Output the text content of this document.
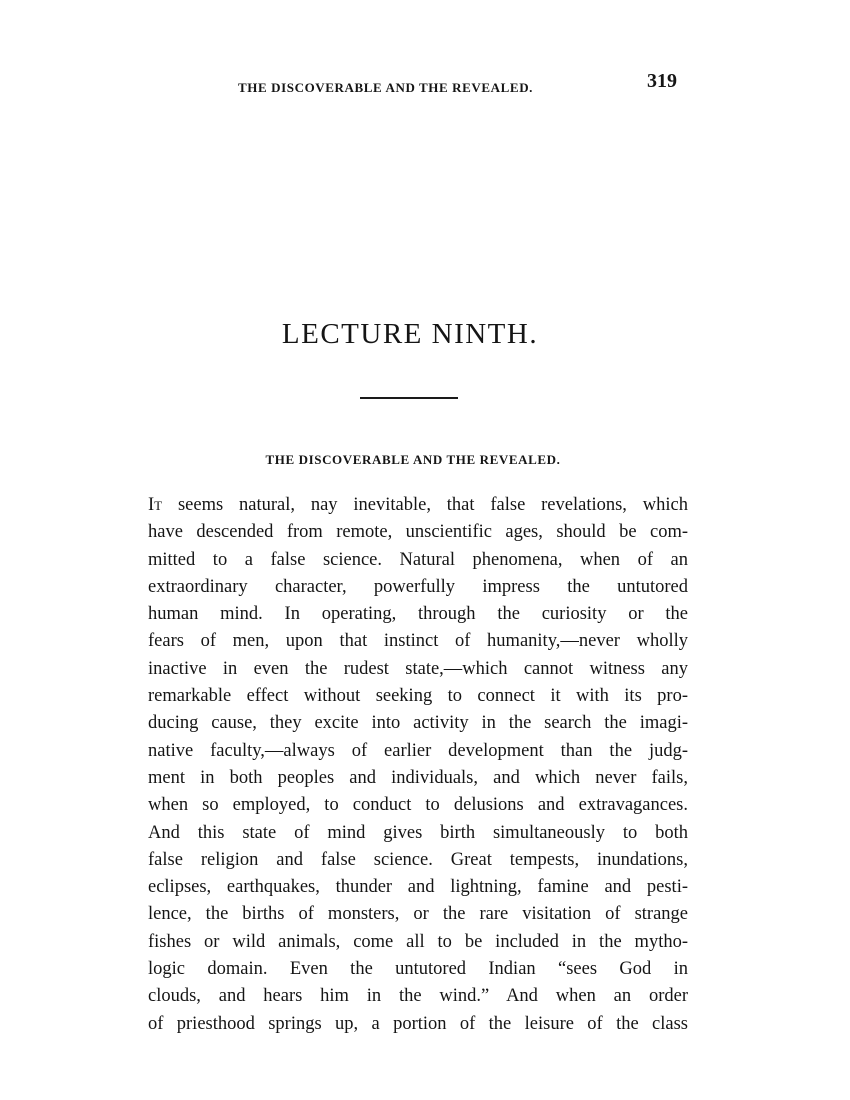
THE DISCOVERABLE AND THE REVEALED.	319
LECTURE NINTH.
THE DISCOVERABLE AND THE REVEALED.
It seems natural, nay inevitable, that false revelations, which
have descended from remote, unscientific ages, should be com-
mitted to a false science. Natural phenomena, when of an
extraordinary character, powerfully impress the untutored
human mind. In operating, through the curiosity or the
fears of men, upon that instinct of humanity,—never wholly
inactive in even the rudest state,—which cannot witness any
remarkable effect without seeking to connect it with its pro-
ducing cause, they excite into activity in the search the imagi-
native faculty,—always of earlier development than the judg-
ment in both peoples and individuals, and which never fails,
when so employed, to conduct to delusions and extravagances.
And this state of mind gives birth simultaneously to both
false religion and false science. Great tempests, inundations,
eclipses, earthquakes, thunder and lightning, famine and pesti-
lence, the births of monsters, or the rare visitation of strange
fishes or wild animals, come all to be included in the mytho-
logic domain. Even the untutored Indian “sees God in
clouds, and hears him in the wind.” And when an order
of priesthood springs up, a portion of the leisure of the class
